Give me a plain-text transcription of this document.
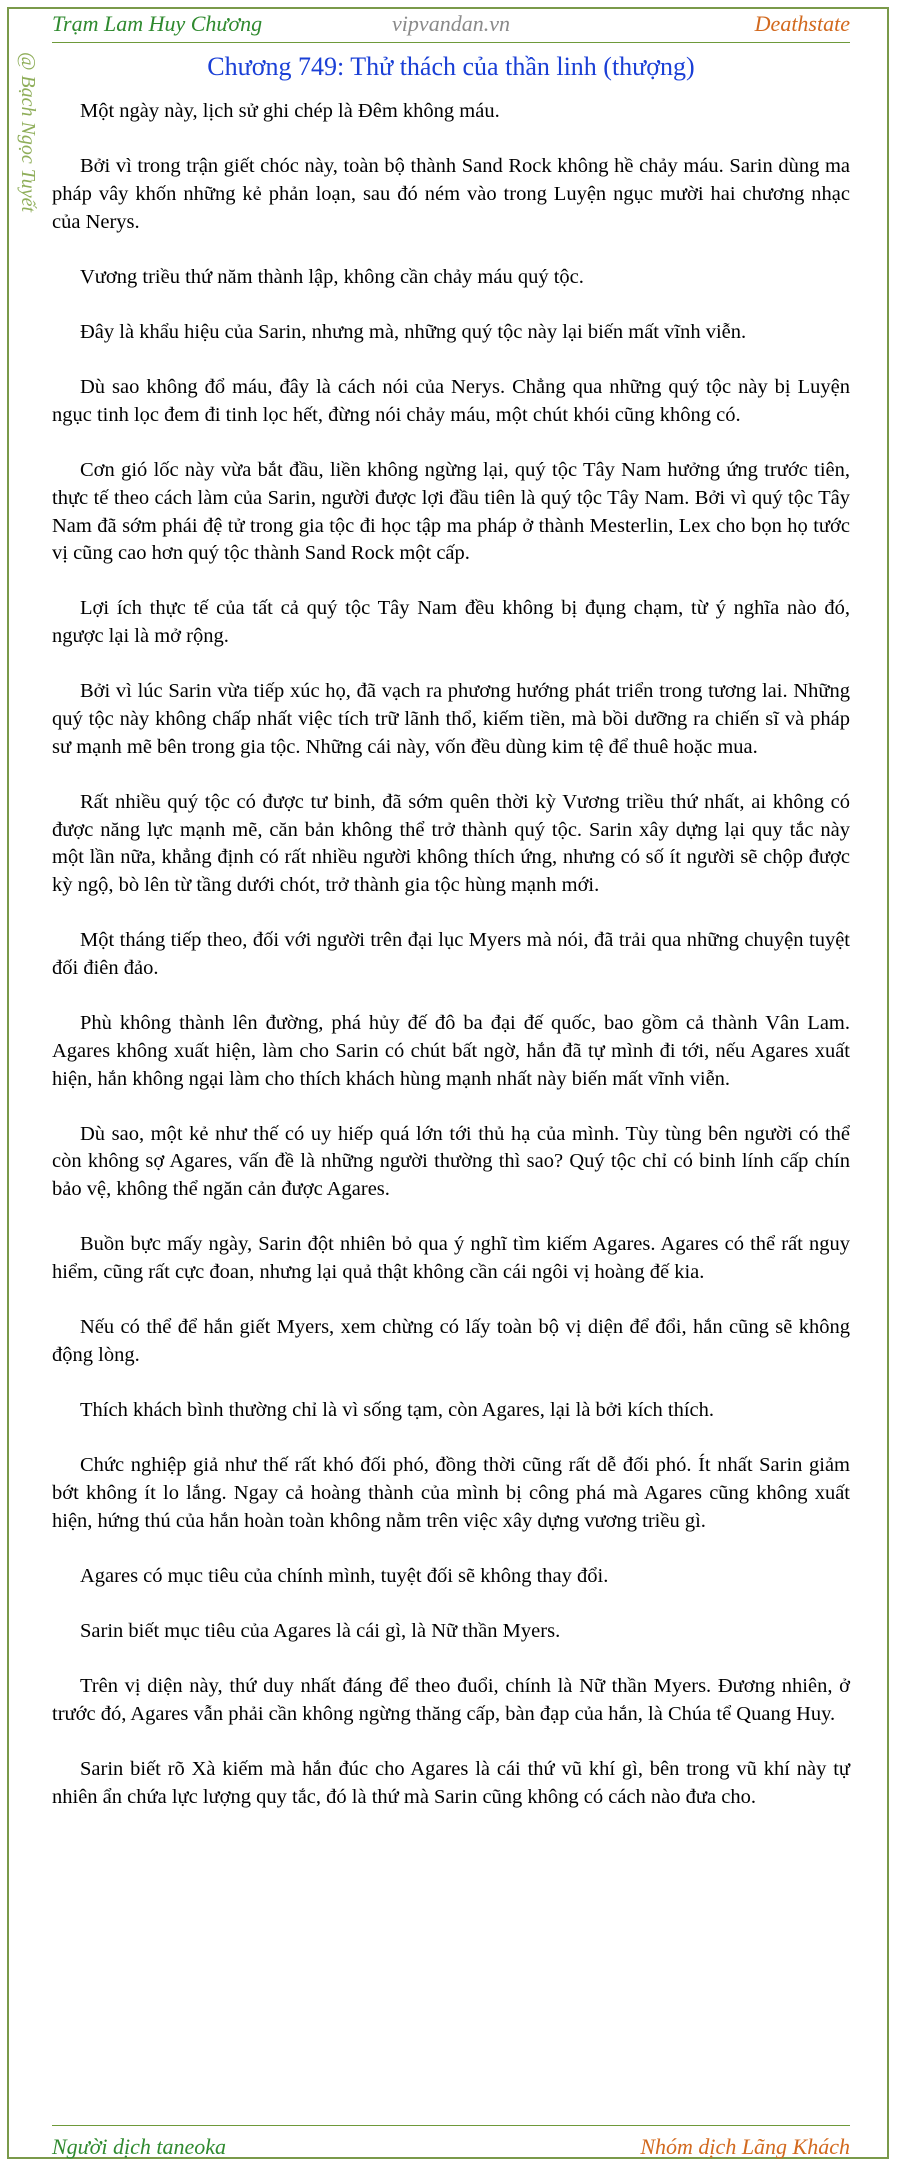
Trạm Lam Huy Chương	vipvandan.vn	Deathstate
@ Bạch Ngọc Tuyết	Chương 749: Thử thách của thần linh (thượng)

Một ngày này, lịch sử ghi chép là Đêm không máu.

Bởi vì trong trận giết chóc này, toàn bộ thành Sand Rock không hề chảy máu. Sarin dùng ma pháp vây khốn những kẻ phản loạn, sau đó ném vào trong Luyện ngục mười hai chương nhạc của Nerys.

Vương triều thứ năm thành lập, không cần chảy máu quý tộc.

Đây là khẩu hiệu của Sarin, nhưng mà, những quý tộc này lại biến mất vĩnh viễn.

Dù sao không đổ máu, đây là cách nói của Nerys. Chẳng qua những quý tộc này bị Luyện ngục tinh lọc đem đi tinh lọc hết, đừng nói chảy máu, một chút khói cũng không có.

Cơn gió lốc này vừa bắt đầu, liền không ngừng lại, quý tộc Tây Nam hưởng ứng trước tiên, thực tế theo cách làm của Sarin, người được lợi đầu tiên là quý tộc Tây Nam. Bởi vì quý tộc Tây Nam đã sớm phái đệ tử trong gia tộc đi học tập ma pháp ở thành Mesterlin, Lex cho bọn họ tước vị cũng cao hơn quý tộc thành Sand Rock một cấp.

Lợi ích thực tế của tất cả quý tộc Tây Nam đều không bị đụng chạm, từ ý nghĩa nào đó, ngược lại là mở rộng.

Bởi vì lúc Sarin vừa tiếp xúc họ, đã vạch ra phương hướng phát triển trong tương lai. Những quý tộc này không chấp nhất việc tích trữ lãnh thổ, kiếm tiền, mà bồi dưỡng ra chiến sĩ và pháp sư mạnh mẽ bên trong gia tộc. Những cái này, vốn đều dùng kim tệ để thuê hoặc mua.

Rất nhiều quý tộc có được tư binh, đã sớm quên thời kỳ Vương triều thứ nhất, ai không có được năng lực mạnh mẽ, căn bản không thể trở thành quý tộc. Sarin xây dựng lại quy tắc này một lần nữa, khẳng định có rất nhiều người không thích ứng, nhưng có số ít người sẽ chộp được kỳ ngộ, bò lên từ tầng dưới chót, trở thành gia tộc hùng mạnh mới.

Một tháng tiếp theo, đối với người trên đại lục Myers mà nói, đã trải qua những chuyện tuyệt đối điên đảo.

Phù không thành lên đường, phá hủy đế đô ba đại đế quốc, bao gồm cả thành Vân Lam. Agares không xuất hiện, làm cho Sarin có chút bất ngờ, hắn đã tự mình đi tới, nếu Agares xuất hiện, hắn không ngại làm cho thích khách hùng mạnh nhất này biến mất vĩnh viễn.

Dù sao, một kẻ như thế có uy hiếp quá lớn tới thủ hạ của mình. Tùy tùng bên người có thể còn không sợ Agares, vấn đề là những người thường thì sao? Quý tộc chỉ có binh lính cấp chín bảo vệ, không thể ngăn cản được Agares.

Buồn bực mấy ngày, Sarin đột nhiên bỏ qua ý nghĩ tìm kiếm Agares. Agares có thể rất nguy hiểm, cũng rất cực đoan, nhưng lại quả thật không cần cái ngôi vị hoàng đế kia.

Nếu có thể để hắn giết Myers, xem chừng có lấy toàn bộ vị diện để đổi, hắn cũng sẽ không động lòng.

Thích khách bình thường chỉ là vì sống tạm, còn Agares, lại là bởi kích thích.

Chức nghiệp giả như thế rất khó đối phó, đồng thời cũng rất dễ đối phó. Ít nhất Sarin giảm bớt không ít lo lắng. Ngay cả hoàng thành của mình bị công phá mà Agares cũng không xuất hiện, hứng thú của hắn hoàn toàn không nằm trên việc xây dựng vương triều gì.

Agares có mục tiêu của chính mình, tuyệt đối sẽ không thay đổi.

Sarin biết mục tiêu của Agares là cái gì, là Nữ thần Myers.

Trên vị diện này, thứ duy nhất đáng để theo đuổi, chính là Nữ thần Myers. Đương nhiên, ở trước đó, Agares vẫn phải cần không ngừng thăng cấp, bàn đạp của hắn, là Chúa tể Quang Huy.

Sarin biết rõ Xà kiếm mà hắn đúc cho Agares là cái thứ vũ khí gì, bên trong vũ khí này tự nhiên ẩn chứa lực lượng quy tắc, đó là thứ mà Sarin cũng không có cách nào đưa cho.

Người dịch taneoka	Nhóm dịch Lãng Khách
